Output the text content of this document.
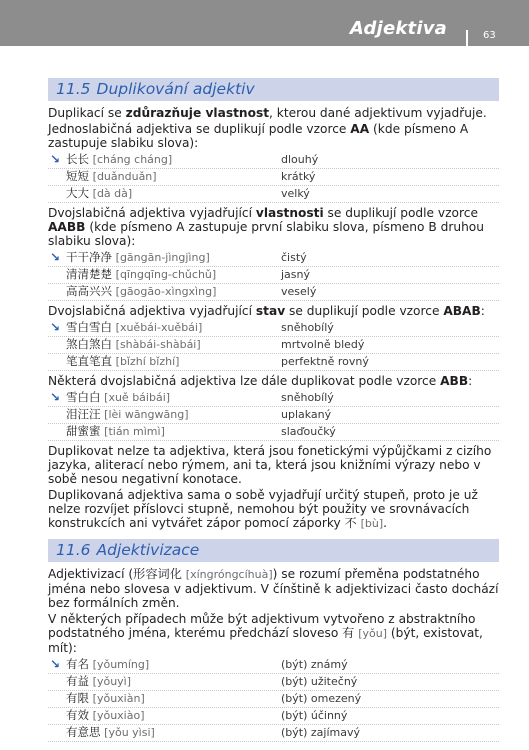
Adjektiva	63
11.5 Duplikování adjektiv

Duplikací se zdůrazňuje vlastnost, kterou dané adjektivum vyjadřuje.

Jednoslabičná adjektiva se duplikují podle vzorce AA (kde písmeno A zastupuje slabiku slova):

↘ 长长 [cháng cháng]	dlouhý
短短 [duǎnduǎn]	krátký
大大 [dà dà]	velký

Dvojslabičná adjektiva vyjadřující vlastnosti se duplikují podle vzorce AABB (kde písmeno A zastupuje první slabiku slova, písmeno B druhou slabiku slova):

↘ 干干净净 [gāngān-jìngjìng]	čistý
清清楚楚 [qīngqīng-chǔchǔ]	jasný
高高兴兴 [gāogāo-xìngxìng]	veselý

Dvojslabičná adjektiva vyjadřující stav se duplikují podle vzorce ABAB:

↘ 雪白雪白 [xuěbái-xuěbái]	sněhobílý
煞白煞白 [shàbái-shàbái]	mrtvolně bledý
笔直笔直 [bǐzhí bǐzhí]	perfektně rovný

Některá dvojslabičná adjektiva lze dále duplikovat podle vzorce ABB:

↘ 雪白白 [xuě báibái]	sněhobílý
泪汪汪 [lèi wāngwāng]	uplakaný
甜蜜蜜 [tián mìmì]	slaďoučký

Duplikovat nelze ta adjektiva, která jsou fonetickými výpůjčkami z cizího jazyka, aliterací nebo rýmem, ani ta, která jsou knižními výrazy nebo v sobě nesou negativní konotace.

Duplikovaná adjektiva sama o sobě vyjadřují určitý stupeň, proto je už nelze rozvíjet příslovci stupně, nemohou být použity ve srovnávacích konstrukcích ani vytvářet zápor pomocí záporky 不 [bù].

11.6 Adjektivizace

Adjektivizací (形容词化 [xíngróngcíhuà]) se rozumí přeměna podstatného jména nebo slovesa v adjektivum. V čínštině k adjektivizaci často dochází bez formálních změn.

V některých případech může být adjektivum vytvořeno z abstraktního podstatného jména, kterému předchází sloveso 有 [yǒu] (být, existovat, mít):

↘ 有名 [yǒumíng]	(být) známý
有益 [yǒuyì]	(být) užitečný
有限 [yǒuxiàn]	(být) omezený
有效 [yǒuxiào]	(být) účinný
有意思 [yǒu yìsi]	(být) zajímavý
